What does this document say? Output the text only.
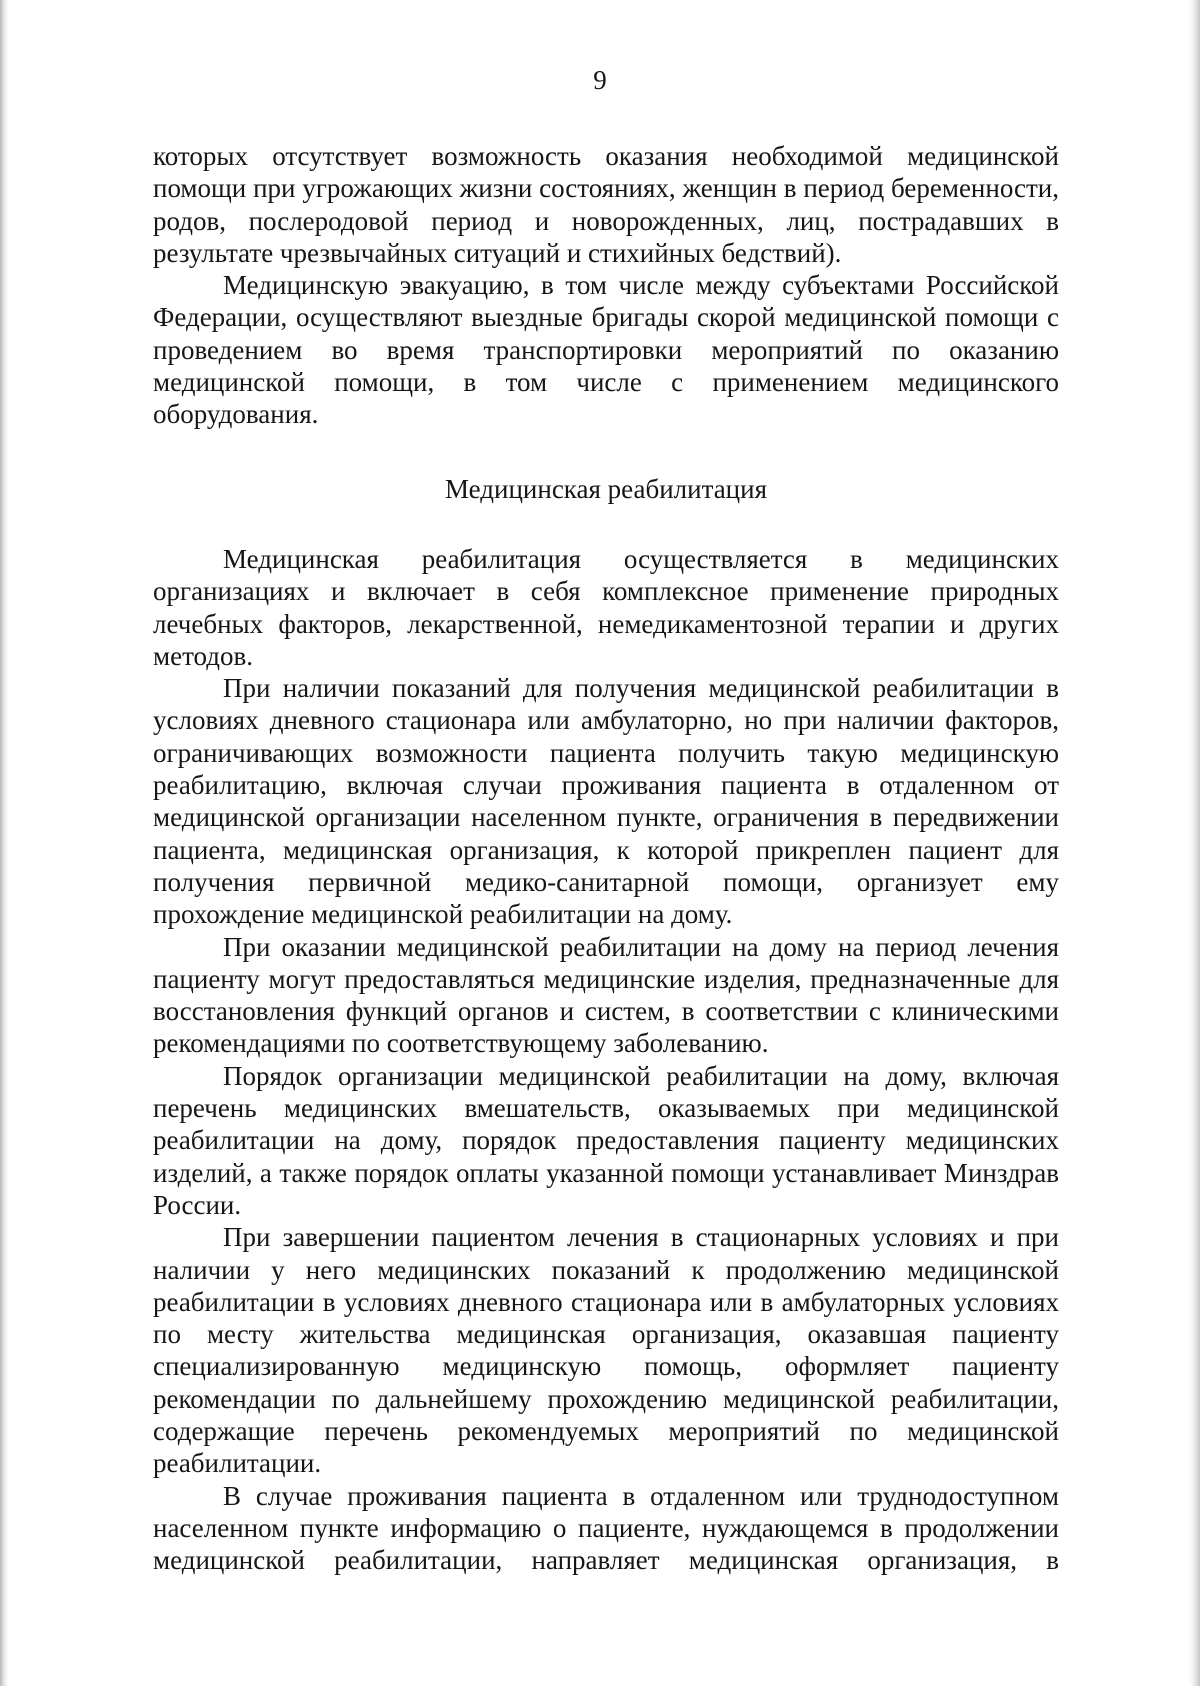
9

которых отсутствует возможность оказания необходимой медицинской помощи при угрожающих жизни состояниях, женщин в период беременности, родов, послеродовой период и новорожденных, лиц, пострадавших в результате чрезвычайных ситуаций и стихийных бедствий).

Медицинскую эвакуацию, в том числе между субъектами Российской Федерации, осуществляют выездные бригады скорой медицинской помощи с проведением во время транспортировки мероприятий по оказанию медицинской помощи, в том числе с применением медицинского оборудования.

Медицинская реабилитация

Медицинская реабилитация осуществляется в медицинских организациях и включает в себя комплексное применение природных лечебных факторов, лекарственной, немедикаментозной терапии и других методов.

При наличии показаний для получения медицинской реабилитации в условиях дневного стационара или амбулаторно, но при наличии факторов, ограничивающих возможности пациента получить такую медицинскую реабилитацию, включая случаи проживания пациента в отдаленном от медицинской организации населенном пункте, ограничения в передвижении пациента, медицинская организация, к которой прикреплен пациент для получения первичной медико-санитарной помощи, организует ему прохождение медицинской реабилитации на дому.

При оказании медицинской реабилитации на дому на период лечения пациенту могут предоставляться медицинские изделия, предназначенные для восстановления функций органов и систем, в соответствии с клиническими рекомендациями по соответствующему заболеванию.

Порядок организации медицинской реабилитации на дому, включая перечень медицинских вмешательств, оказываемых при медицинской реабилитации на дому, порядок предоставления пациенту медицинских изделий, а также порядок оплаты указанной помощи устанавливает Минздрав России.

При завершении пациентом лечения в стационарных условиях и при наличии у него медицинских показаний к продолжению медицинской реабилитации в условиях дневного стационара или в амбулаторных условиях по месту жительства медицинская организация, оказавшая пациенту специализированную медицинскую помощь, оформляет пациенту рекомендации по дальнейшему прохождению медицинской реабилитации, содержащие перечень рекомендуемых мероприятий по медицинской реабилитации.

В случае проживания пациента в отдаленном или труднодоступном населенном пункте информацию о пациенте, нуждающемся в продолжении медицинской реабилитации, направляет медицинская организация, в
